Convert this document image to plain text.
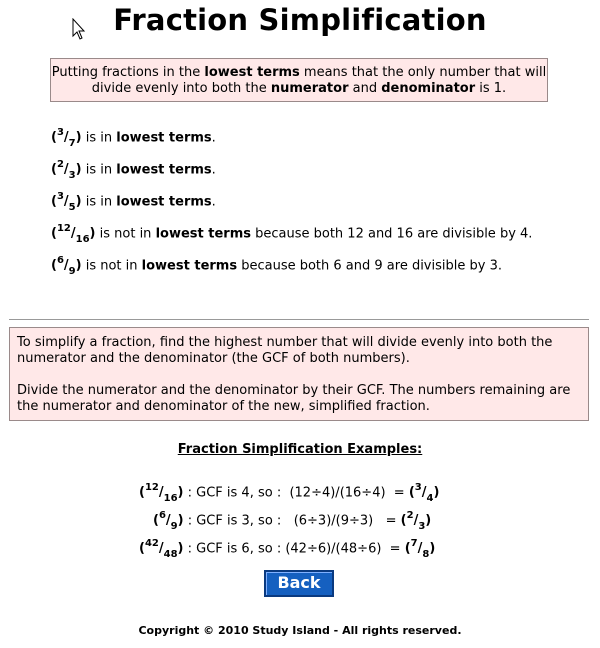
Fraction Simplification
Putting fractions in the lowest terms means that the only number that will divide evenly into both the numerator and denominator is 1.
$(^3/_7)$ is in lowest terms.
$(^2/_3)$ is in lowest terms.
$(^3/_5)$ is in lowest terms.
$(^{12}/_{16})$ is not in lowest terms because both 12 and 16 are divisible by 4.
$(^6/_9)$ is not in lowest terms because both 6 and 9 are divisible by 3.

To simplify a fraction, find the highest number that will divide evenly into both the numerator and the denominator (the GCF of both numbers).

Divide the numerator and the denominator by their GCF. The numbers remaining are the numerator and denominator of the new, simplified fraction.

Fraction Simplification Examples:
$(^{12}/_{16})$ : GCF is 4, so :  $(12\div 4)/(16\div 4) = (^3/_4)$
$(^6/_9)$ : GCF is 3, so :   $(6\div 3)/(9\div 3) = (^2/_3)$
$(^{42}/_{48})$ : GCF is 6, so : $(42\div 6)/(48\div 6) = (^7/_8)$
Back
Copyright © 2010 Study Island - All rights reserved.
